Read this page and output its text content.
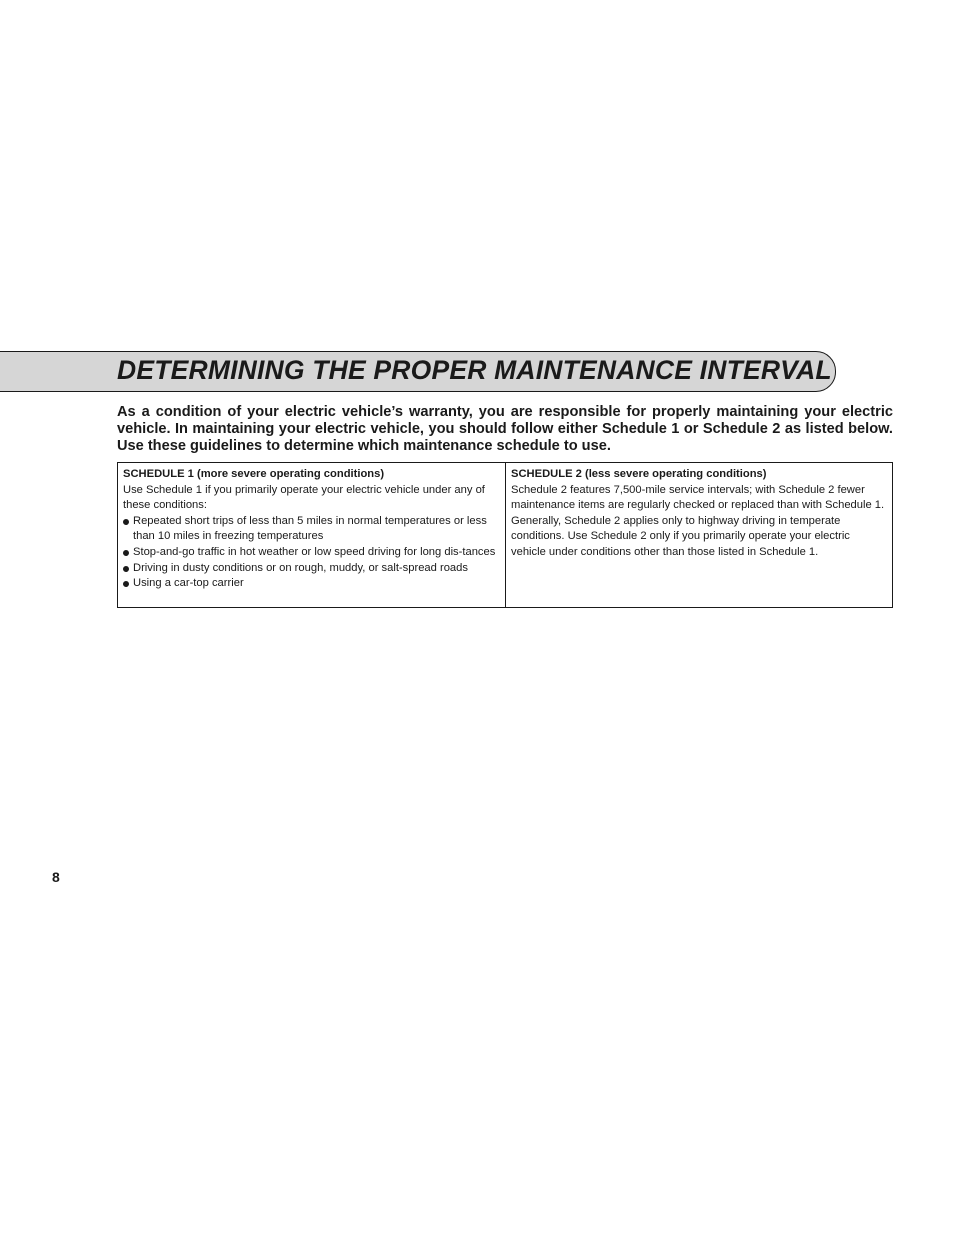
DETERMINING THE PROPER MAINTENANCE INTERVAL
As a condition of your electric vehicle’s warranty, you are responsible for properly maintaining your electric vehicle. In maintaining your electric vehicle, you should follow either Schedule 1 or Schedule 2 as listed below. Use these guidelines to determine which maintenance schedule to use.
SCHEDULE 1 (more severe operating conditions)
Use Schedule 1 if you primarily operate your electric vehicle under any of these conditions:
Repeated short trips of less than 5 miles in normal temperatures or less than 10 miles in freezing temperatures
Stop-and-go traffic in hot weather or low speed driving for long dis-tances
Driving in dusty conditions or on rough, muddy, or salt-spread roads
Using a car-top carrier
SCHEDULE 2 (less severe operating conditions)
Schedule 2 features 7,500-mile service intervals; with Schedule 2 fewer maintenance items are regularly checked or replaced than with Schedule 1.
Generally, Schedule 2 applies only to highway driving in temperate conditions. Use Schedule 2 only if you primarily operate your electric vehicle under conditions other than those listed in Schedule 1.
8
